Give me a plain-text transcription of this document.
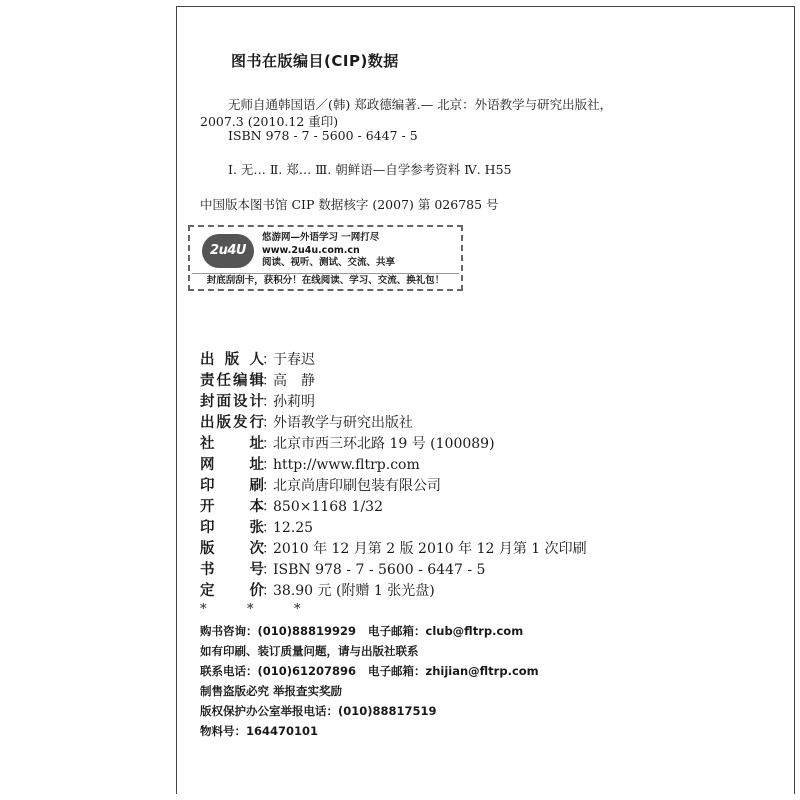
图书在版编目(CIP)数据
无师自通韩国语／(韩) 郑政德编著.— 北京：外语教学与研究出版社，
2007.3 (2010.12 重印)
ISBN 978 - 7 - 5600 - 6447 - 5
Ⅰ. 无… Ⅱ. 郑… Ⅲ. 朝鲜语—自学参考资料 Ⅳ. H55
中国版本图书馆 CIP 数据核字 (2007) 第 026785 号
2u4U
悠游网—外语学习 一网打尽
www.2u4u.com.cn
阅读、视听、测试、交流、共享
封底刮刮卡，获积分！在线阅读、学习、交流、换礼包！
出版人
：
于春迟
责任编辑
：
高　静
封面设计
：
孙莉明
出版发行
：
外语教学与研究出版社
社址
：
北京市西三环北路 19 号 (100089)
网址
：
http://www.fltrp.com
印刷
：
北京尚唐印刷包装有限公司
开本
：
850×1168 1/32
印张
：
12.25
版次
：
2010 年 12 月第 2 版 2010 年 12 月第 1 次印刷
书号
：
ISBN 978 - 7 - 5600 - 6447 - 5
定价
：
38.90 元 (附赠 1 张光盘)
*	*	*
购书咨询：(010)88819929 电子邮箱：club@fltrp.com
如有印刷、装订质量问题，请与出版社联系
联系电话：(010)61207896 电子邮箱：zhijian@fltrp.com
制售盗版必究 举报查实奖励
版权保护办公室举报电话：(010)88817519
物料号：164470101
